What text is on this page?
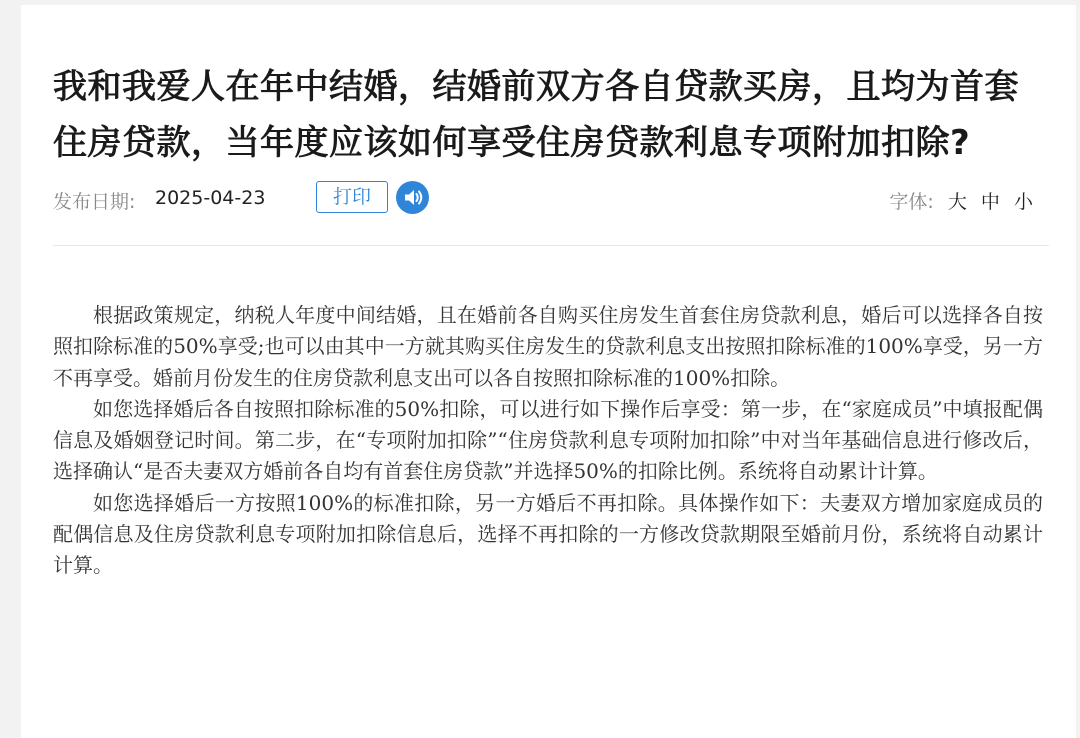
我和我爱人在年中结婚，结婚前双方各自贷款买房，且均为首套住房贷款，当年度应该如何享受住房贷款利息专项附加扣除?
发布日期: 2025-04-23	打印	字体: 大 中 小

根据政策规定，纳税人年度中间结婚，且在婚前各自购买住房发生首套住房贷款利息，婚后可以选择各自按照扣除标准的50%享受;也可以由其中一方就其购买住房发生的贷款利息支出按照扣除标准的100%享受，另一方不再享受。婚前月份发生的住房贷款利息支出可以各自按照扣除标准的100%扣除。

如您选择婚后各自按照扣除标准的50%扣除，可以进行如下操作后享受：第一步，在“家庭成员”中填报配偶信息及婚姻登记时间。第二步，在“专项附加扣除”“住房贷款利息专项附加扣除”中对当年基础信息进行修改后，选择确认“是否夫妻双方婚前各自均有首套住房贷款”并选择50%的扣除比例。系统将自动累计计算。

如您选择婚后一方按照100%的标准扣除，另一方婚后不再扣除。具体操作如下：夫妻双方增加家庭成员的配偶信息及住房贷款利息专项附加扣除信息后，选择不再扣除的一方修改贷款期限至婚前月份，系统将自动累计计算。
